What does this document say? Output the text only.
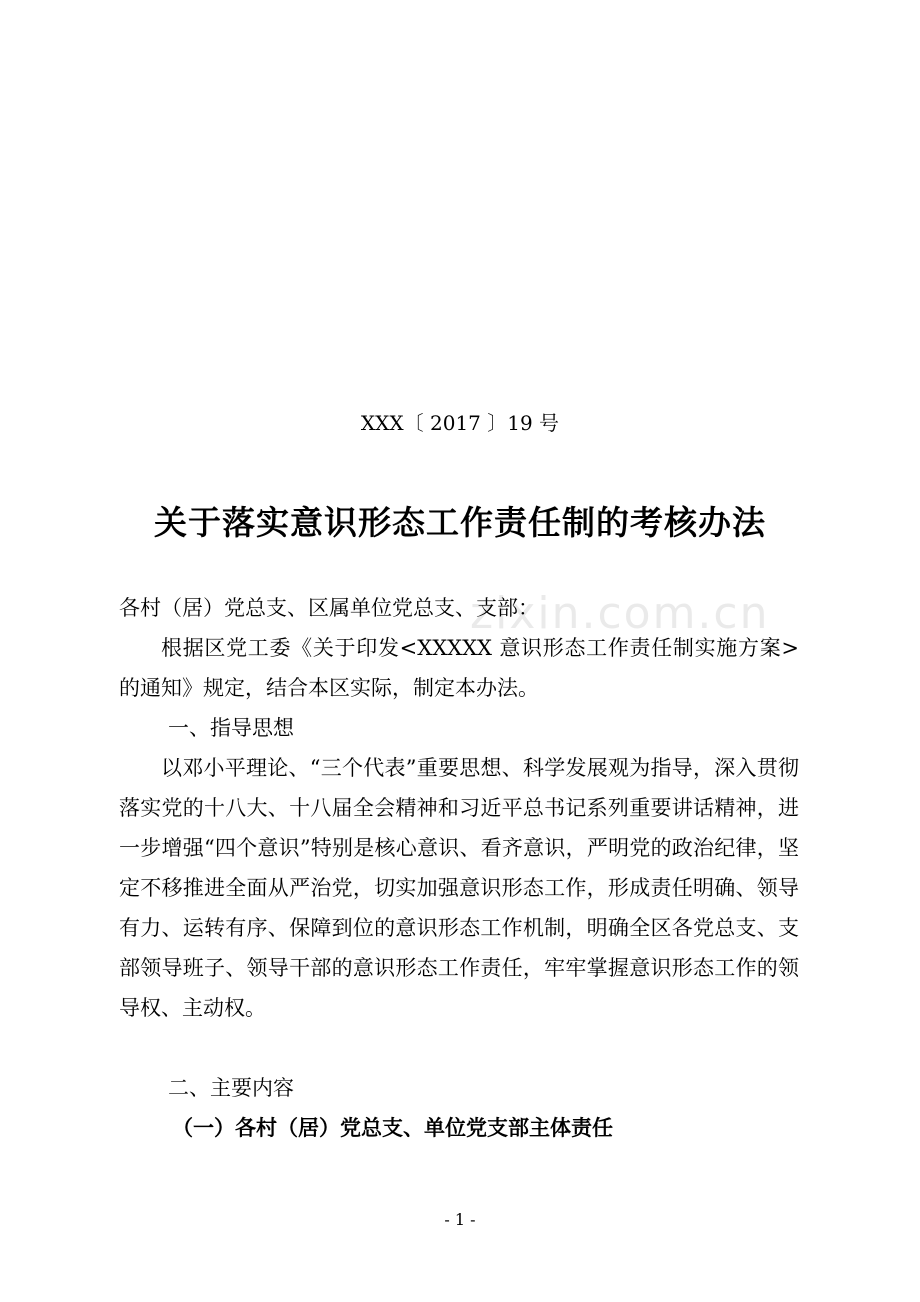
zixin.com.cn
XXX〔 2017 〕19 号
关于落实意识形态工作责任制的考核办法
各村（居）党总支、区属单位党总支、支部：

根据区党工委《关于印发<XXXXX 意识形态工作责任制实施方案>的通知》规定，结合本区实际，制定本办法。

一、指导思想

以邓小平理论、“三个代表”重要思想、科学发展观为指导，深入贯彻落实党的十八大、十八届全会精神和习近平总书记系列重要讲话精神，进一步增强“四个意识”特别是核心意识、看齐意识，严明党的政治纪律，坚定不移推进全面从严治党，切实加强意识形态工作，形成责任明确、领导有力、运转有序、保障到位的意识形态工作机制，明确全区各党总支、支部领导班子、领导干部的意识形态工作责任，牢牢掌握意识形态工作的领导权、主动权。

二、主要内容
（一）各村（居）党总支、单位党支部主体责任
- 1 -
